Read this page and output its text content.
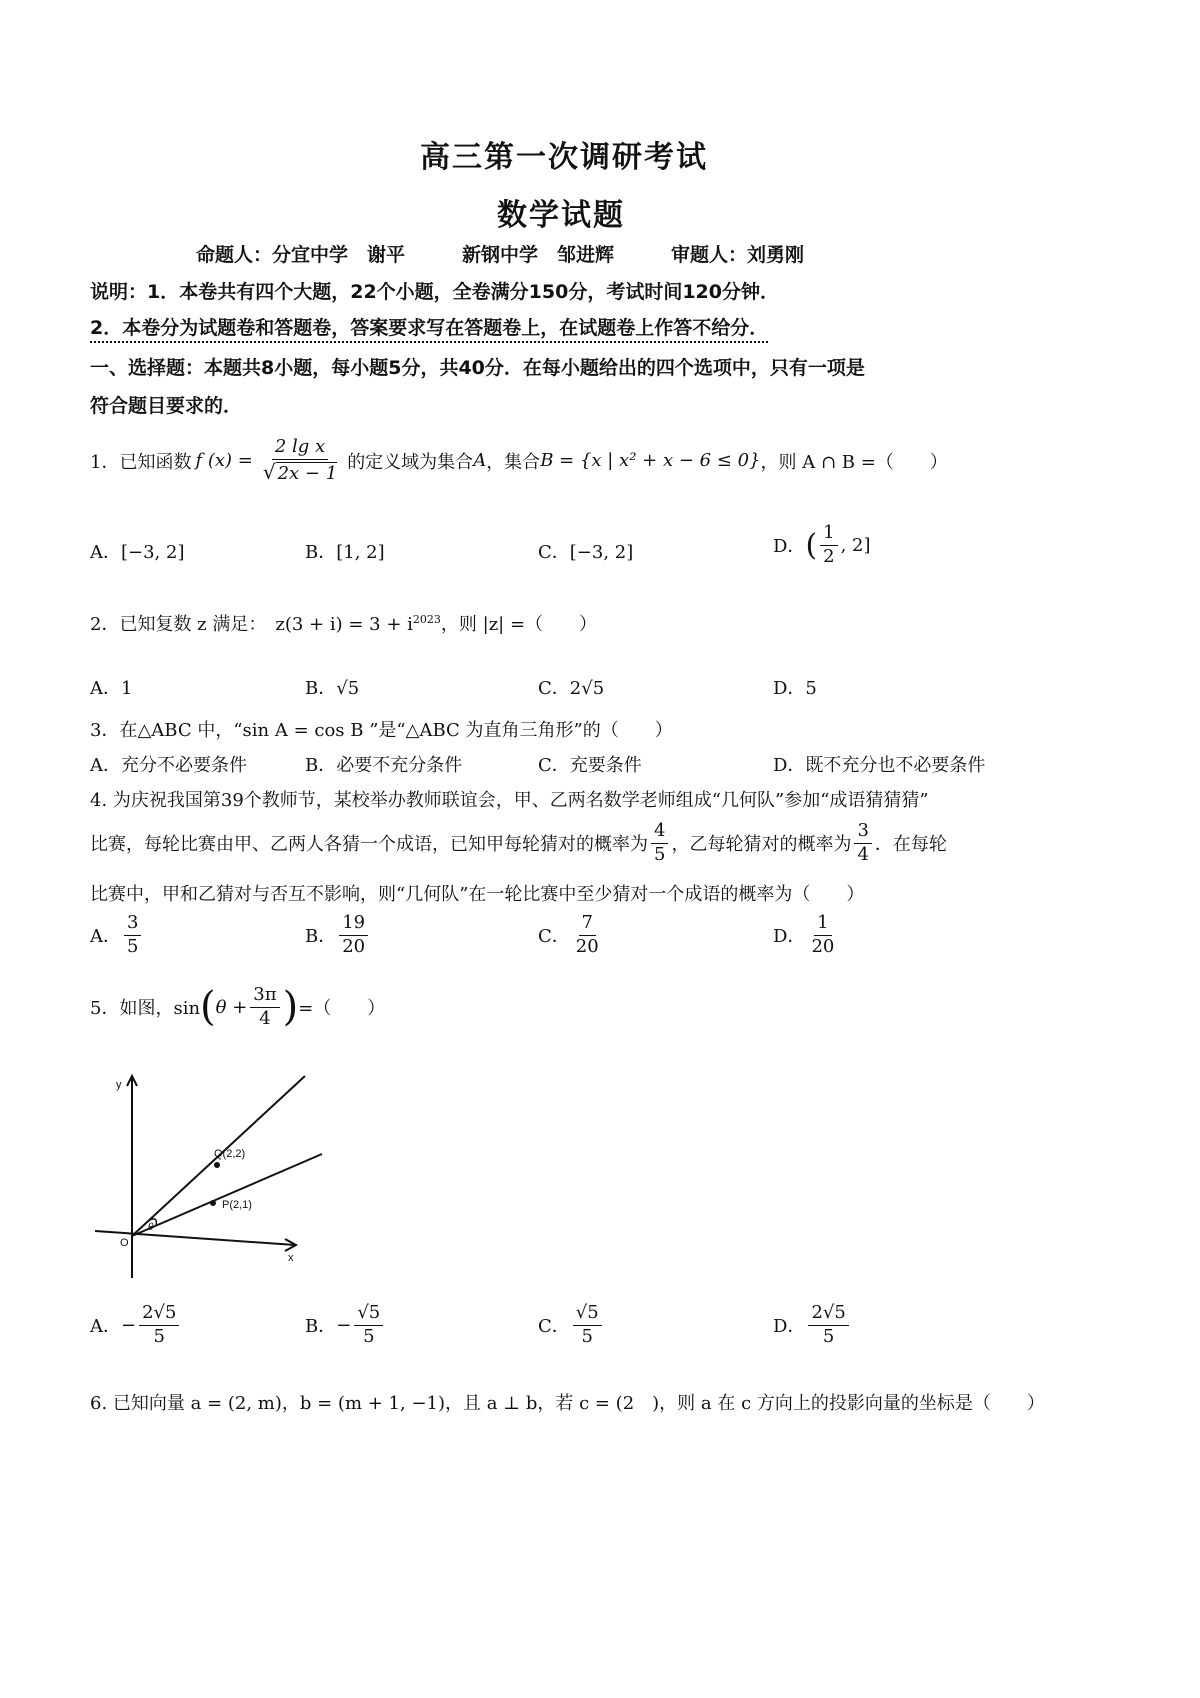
高三第一次调研考试
数学试题
命题人：分宜中学　谢平　　　新钢中学　邹进辉　　　审题人：刘勇刚
说明：1．本卷共有四个大题，22个小题，全卷满分150分，考试时间120分钟．
2．本卷分为试题卷和答题卷，答案要求写在答题卷上，在试题卷上作答不给分．
一、选择题：本题共8小题，每小题5分，共40分．在每小题给出的四个选项中，只有一项是
符合题目要求的．
1．已知函数 f $(x) = \frac{\text{2 lg x}}{√ 2x - 1}$ 的定义域为集合 A ，集合 B = {x | x² + x − 6 ≤ 0} ，则 A ∩ B =（　　）
A．[−3, 2]	B．[1, 2]	C．[−3, 2]	D． ( $\frac{1}{2}$ , 2]
2．已知复数 z 满足：　$z(3 + i) = 3 + i^{2023}$，则 |z| =（　　）
A．1	B．√5	C．2√5	D．5
3．在△ABC 中，“sin A = cos B ”是“△ABC 为直角三角形”的（　　）
A．充分不必要条件	B．必要不充分条件	C．充要条件	D．既不充分也不必要条件
4. 为庆祝我国第39个教师节，某校举办教师联谊会，甲、乙两名数学老师组成“几何队”参加“成语猜猜猜”
比赛，每轮比赛由甲、乙两人各猜一个成语，已知甲每轮猜对的概率为 $\frac{4}{5}$ ，乙每轮猜对的概率为 $\frac{3}{4}$ ．在每轮
比赛中，甲和乙猜对与否互不影响，则“几何队”在一轮比赛中至少猜对一个成语的概率为（　　）
A． $\frac{3}{5}$	B． $\frac{19}{20}$	C． $\frac{7}{20}$	D． $\frac{1}{20}$
5．如图，sin ( $\theta + \frac{3\pi}{4}$ ) =（　　）
y
x
O
Q(2,2)
P(2,1)
θ
A． − $\frac{2√5}{5}$	B． − $\frac{√5}{5}$	C． $\frac{√5}{5}$	D． $\frac{2√5}{5}$
6. 已知向量 a = (2, m)，b = (m + 1, −1)，且 a ⊥ b，若 c = (2　)，则 a 在 c 方向上的投影向量的坐标是（　　）
